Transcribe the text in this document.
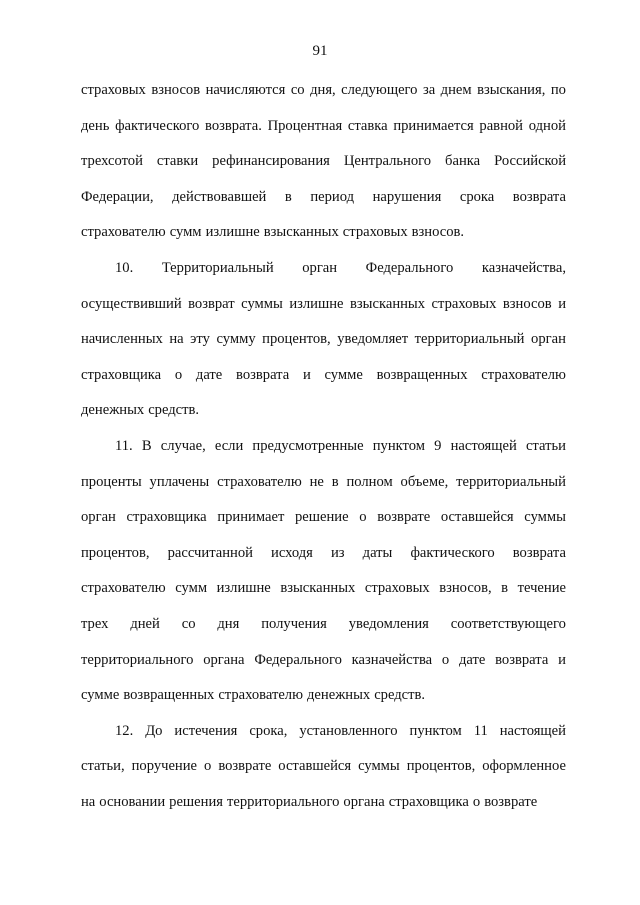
91
страховых взносов начисляются со дня, следующего за днем взыскания, по
день фактического возврата. Процентная ставка принимается равной одной
трехсотой ставки рефинансирования Центрального банка Российской
Федерации, действовавшей в период нарушения срока возврата
страхователю сумм излишне взысканных страховых взносов.
10. Территориальный орган Федерального казначейства,
осуществивший возврат суммы излишне взысканных страховых взносов и
начисленных на эту сумму процентов, уведомляет территориальный орган
страховщика о дате возврата и сумме возвращенных страхователю
денежных средств.
11. В случае, если предусмотренные пунктом 9 настоящей статьи
проценты уплачены страхователю не в полном объеме, территориальный
орган страховщика принимает решение о возврате оставшейся суммы
процентов, рассчитанной исходя из даты фактического возврата
страхователю сумм излишне взысканных страховых взносов, в течение
трех дней со дня получения уведомления соответствующего
территориального органа Федерального казначейства о дате возврата и
сумме возвращенных страхователю денежных средств.
12. До истечения срока, установленного пунктом 11 настоящей
статьи, поручение о возврате оставшейся суммы процентов, оформленное
на основании решения территориального органа страховщика о возврате
